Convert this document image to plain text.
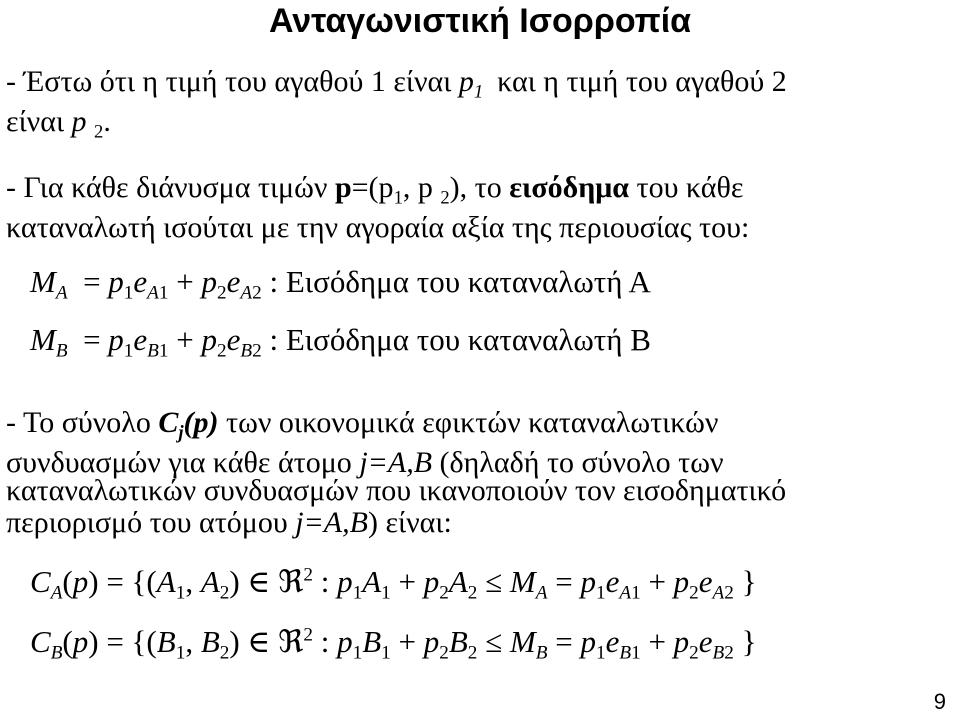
Ανταγωνιστική Ισορροπία
- Έστω ότι η τιμή του αγαθού 1 είναι $p_1$ και η τιμή του αγαθού 2
είναι p $_2$.
- Για κάθε διάνυσμα τιμών $p=(p_1$, p $_2$), το εισόδημα του κάθε
καταναλωτή ισούται με την αγοραία αξία της περιουσίας του:
$M_A = p_1e_{A1} + p_2e_{A2}$ : Εισόδημα του καταναλωτή Α
$M_B = p_1e_{B1} + p_2e_{B2}$ : Εισόδημα του καταναλωτή Β
- Το σύνολο $C_j(p)$ των οικονομικά εφικτών καταναλωτικών
συνδυασμών για κάθε άτομο j=A,B (δηλαδή το σύνολο των
καταναλωτικών συνδυασμών που ικανοποιούν τον εισοδηματικό
περιορισμό του ατόμου j=A,B) είναι:
$C_A(p) = \{(A_1$, $A_2$) ∈ ℜ$^2$ : $p_1A_1 + p_2A_2 \le M_A = p_1e_{A1} + p_2e_{A2}$ }
$C_B(p) = \{(B_1$, $B_2$) ∈ ℜ$^2$ : $p_1B_1 + p_2B_2 \le M_B = p_1e_{B1} + p_2e_{B2}$ }
9
